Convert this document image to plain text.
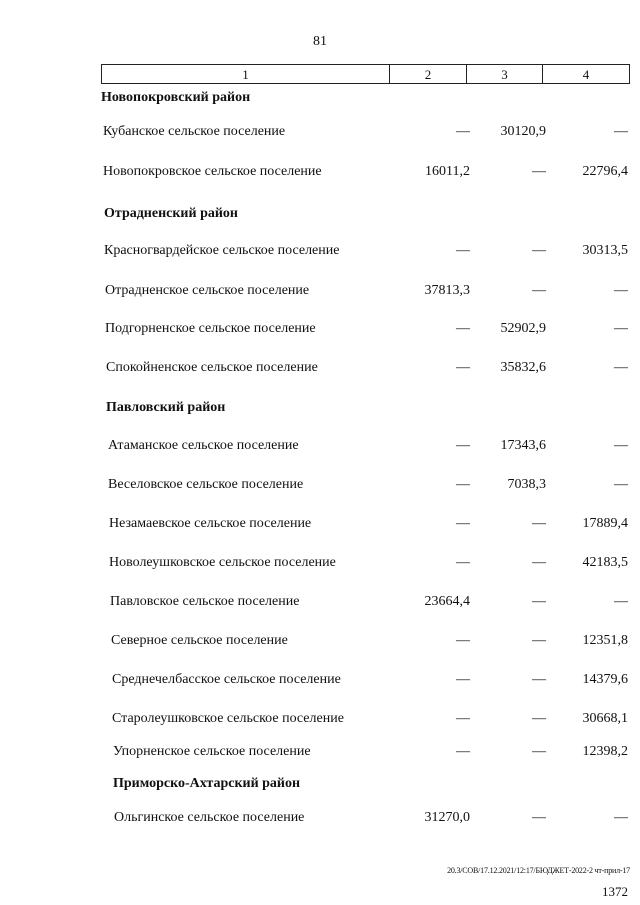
81
1	2	3	4
Новопокровский район
Кубанское сельское поселение	— 30120,9	—
Новопокровское сельское поселение	16011,2	—	22796,4
Отрадненский район
Красногвардейское сельское поселение	—	—	30313,5
Отрадненское сельское поселение	37813,3	—	—
Подгорненское сельское поселение	— 52902,9	—
Спокойненское сельское поселение	— 35832,6	—
Павловский район
Атаманское сельское поселение	— 17343,6	—
Веселовское сельское поселение	—	7038,3	—
Незамаевское сельское поселение	—	—	17889,4
Новолеушковское сельское поселение	—	—	42183,5
Павловское сельское поселение	23664,4	—	—
Северное сельское поселение	—	—	12351,8
Среднечелбасское сельское поселение	—	—	14379,6
Старолеушковское сельское поселение	—	—	30668,1
Упорненское сельское поселение	—	—	12398,2
Приморско-Ахтарский район
Ольгинское сельское поселение	31270,0	—	—
20.3/СОВ/17.12.2021/12:17/БЮДЖЕТ-2022-2 чт-прил-17
1372
